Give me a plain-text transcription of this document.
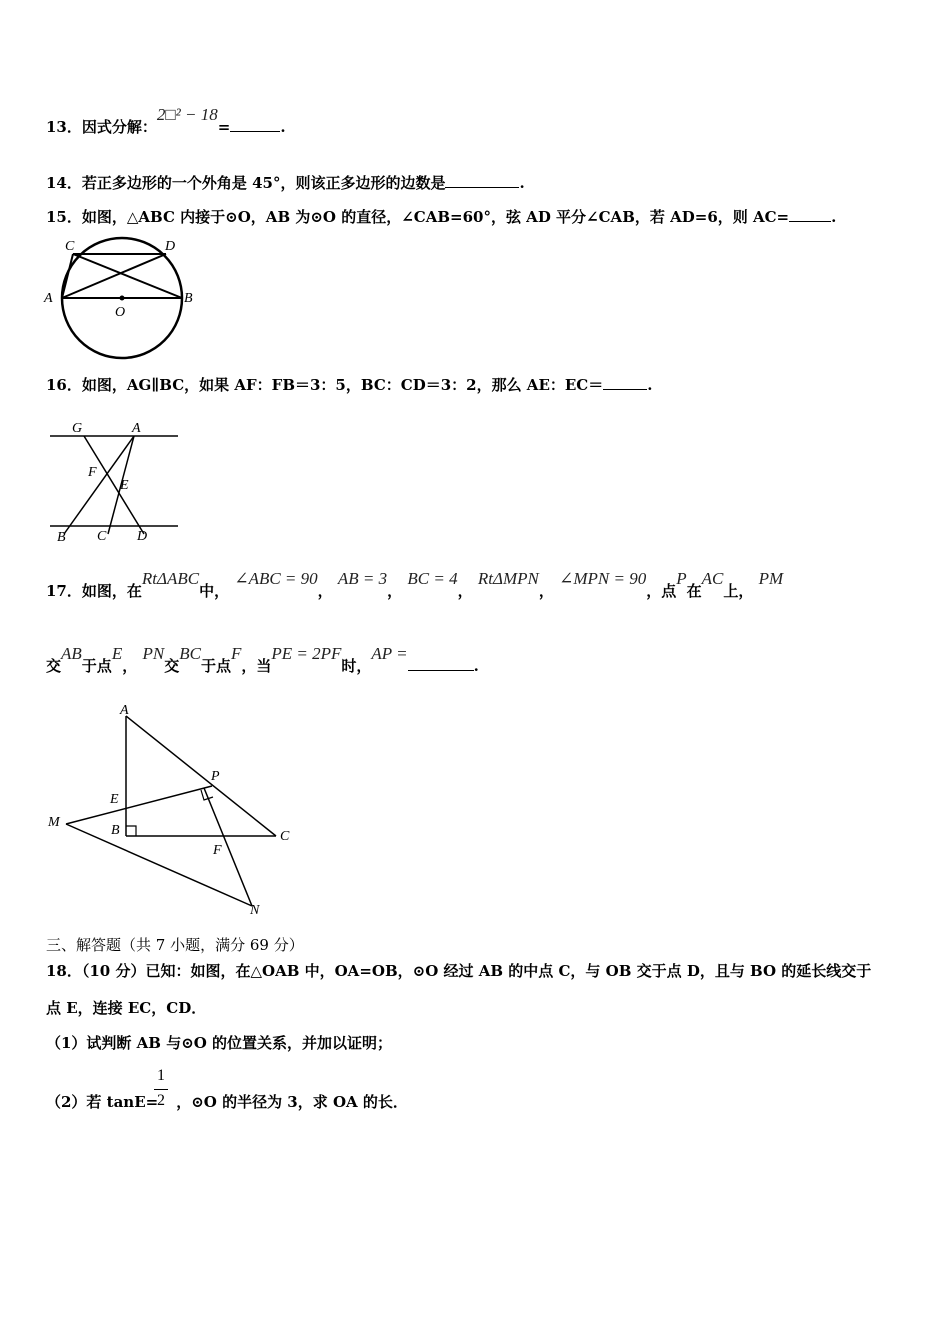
13．因式分解：2□² − 18=	.
14．若正多边形的一个外角是 45°，则该正多边形的边数是	.
15．如图，△ABC 内接于⊙O，AB 为⊙O 的直径，∠CAB=60°，弦 AD 平分∠CAB，若 AD=6，则 AC=	.
A	B
C	D
O
16．如图，AG∥BC，如果 AF：FB＝3：5，BC：CD＝3：2，那么 AE：EC＝	.
G	A
F
E
B C D
17．如图，在RtΔABC中， ∠ABC = 90， AB = 3， BC = 4， RtΔMPN， ∠MPN = 90，点P在AC上， PM
交AB于点E， PN交BC于点F，当PE = 2PF时，AP =.
A
P
E
M
B	C
F
N
三、解答题（共 7 小题，满分 69 分）
18．（10 分）已知：如图，在△OAB 中，OA=OB，⊙O 经过 AB 的中点 C，与 OB 交于点 D，且与 BO 的延长线交于
点 E，连接 EC，CD．
（1）试判断 AB 与⊙O 的位置关系，并加以证明；
（2）若 tanE= ，⊙O 的半径为 3，求 OA 的长．
1
2
